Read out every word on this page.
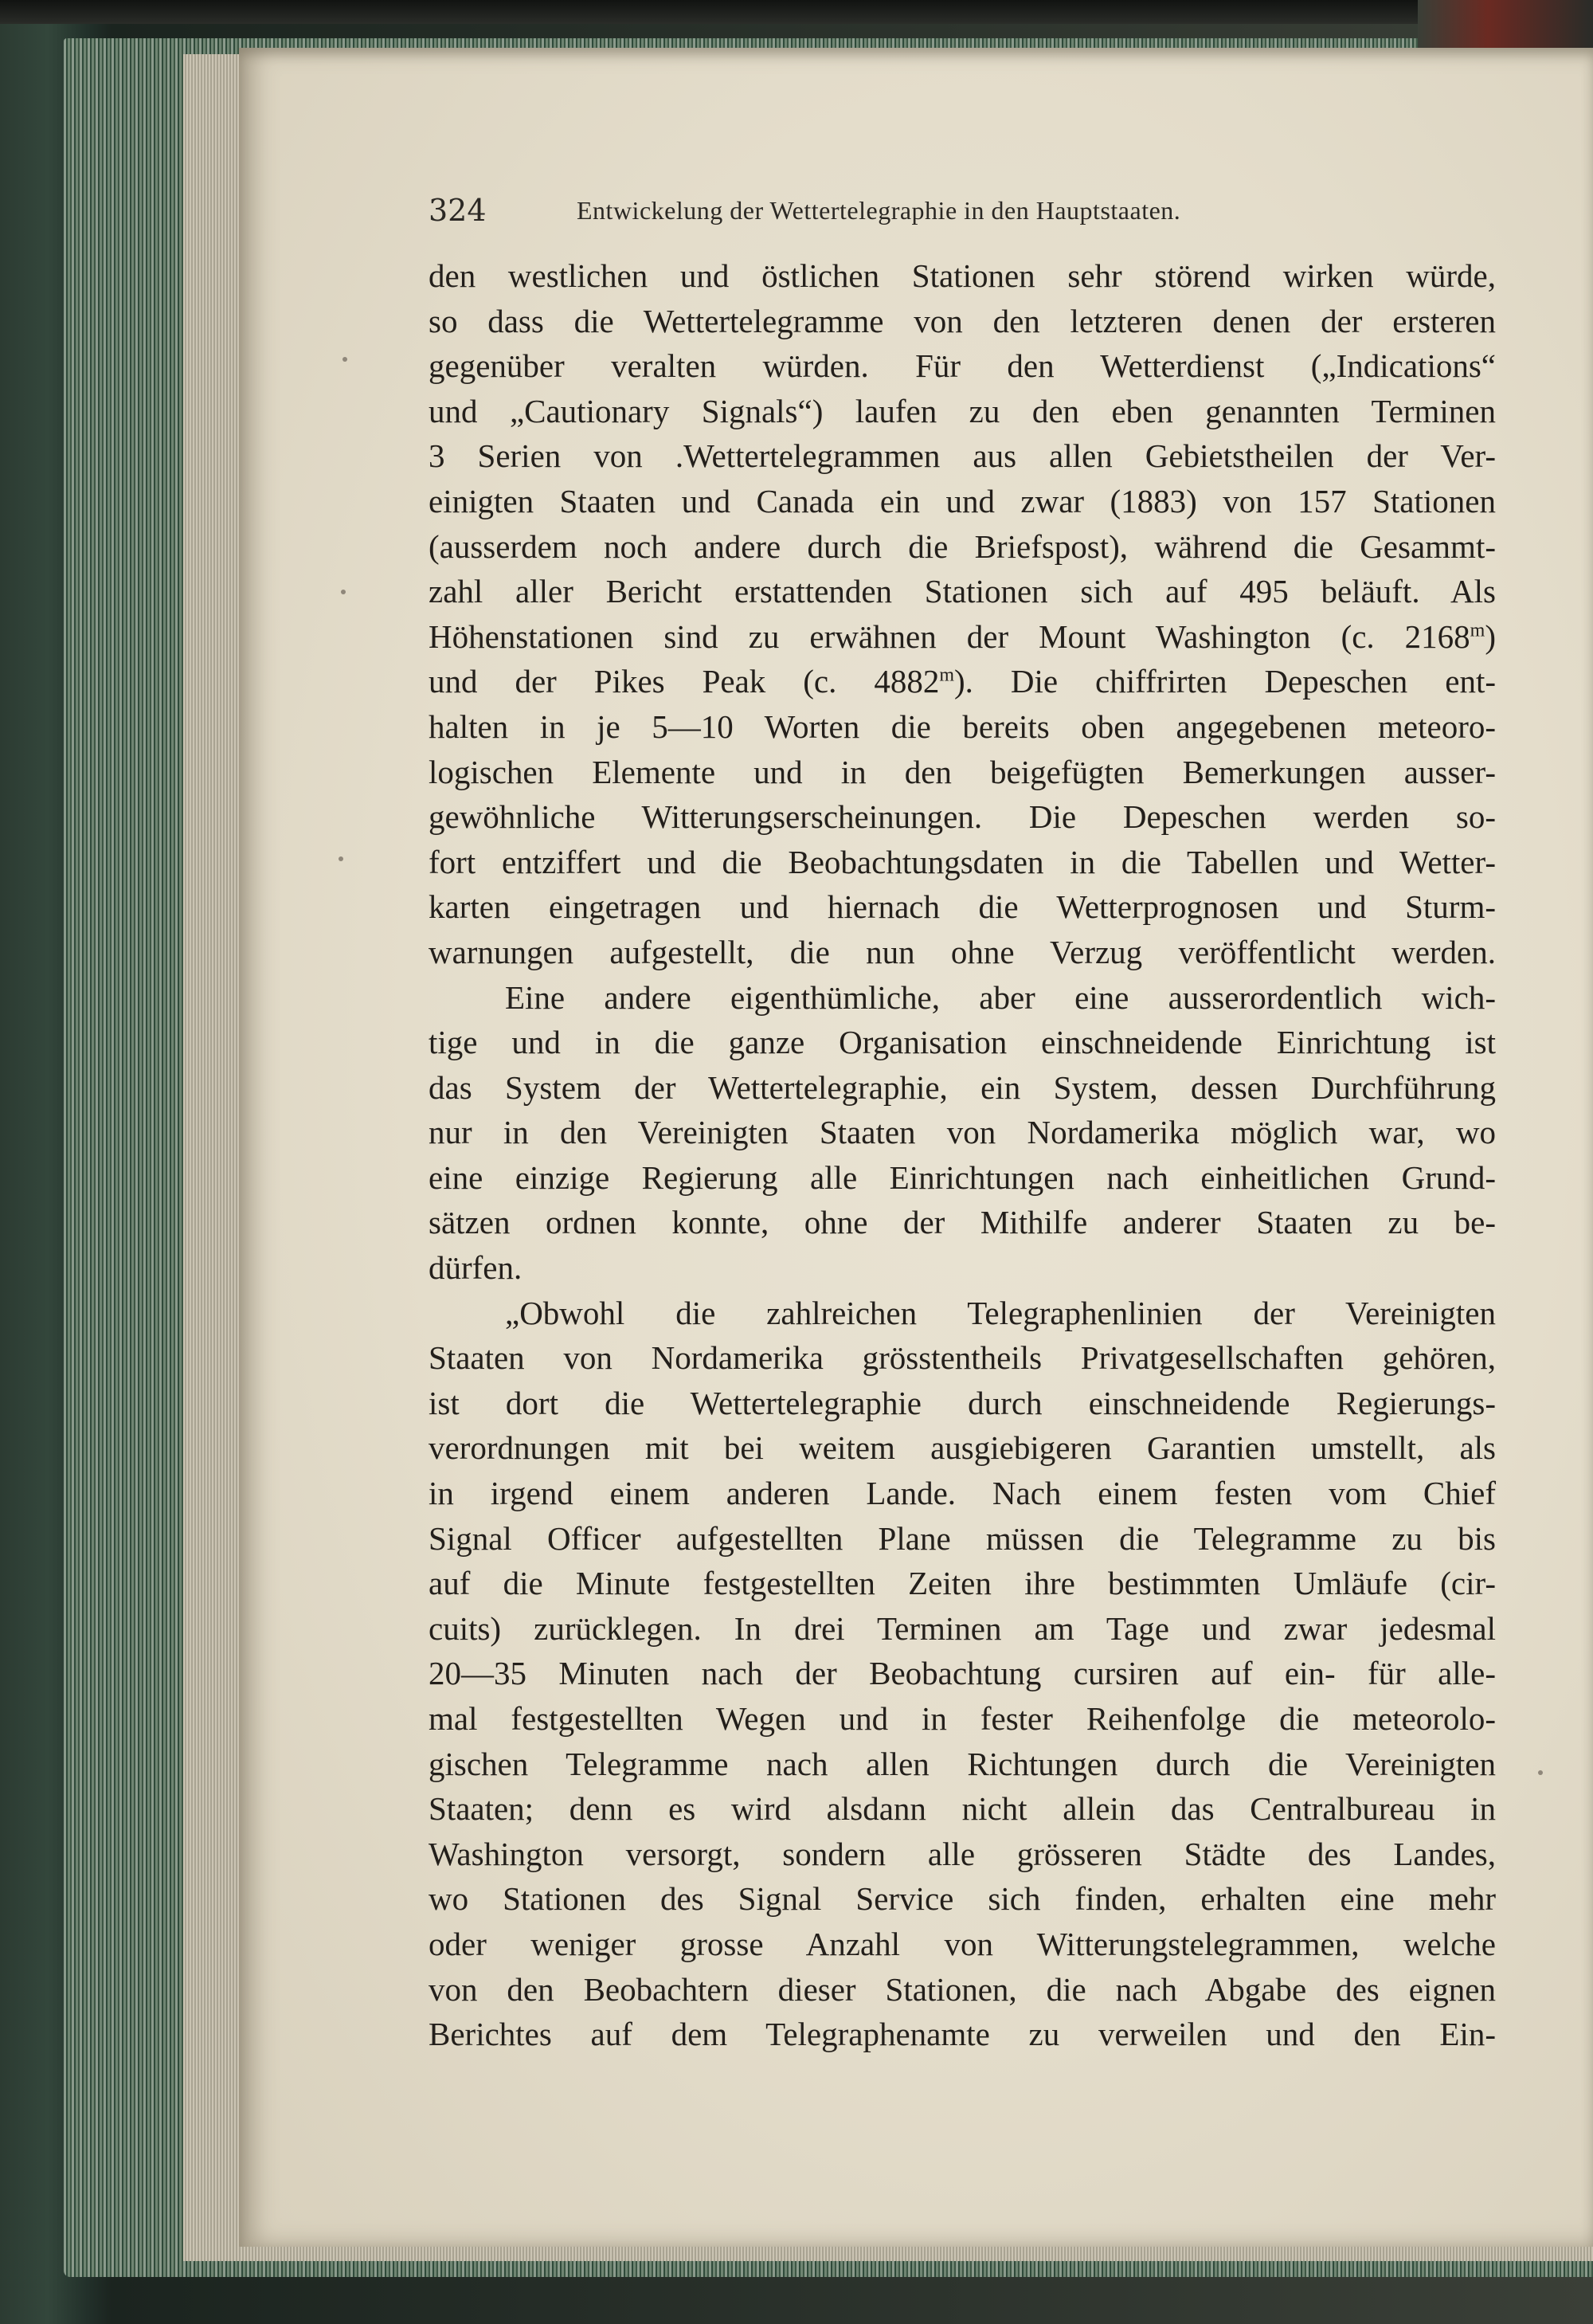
324	Entwickelung der Wettertelegraphie in den Hauptstaaten.
den westlichen und östlichen Stationen sehr störend wirken würde,
so dass die Wettertelegramme von den letzteren denen der ersteren
gegenüber veralten würden. Für den Wetterdienst („Indications“
und „Cautionary Signals“) laufen zu den eben genannten Terminen
3 Serien von .Wettertelegrammen aus allen Gebietstheilen der Ver-
einigten Staaten und Canada ein und zwar (1883) von 157 Stationen
(ausserdem noch andere durch die Briefspost), während die Gesammt-
zahl aller Bericht erstattenden Stationen sich auf 495 beläuft. Als
Höhenstationen sind zu erwähnen der Mount Washington (c. 2168$^m$)
und der Pikes Peak (c. 4882$^m$). Die chiffrirten Depeschen ent-
halten in je 5—10 Worten die bereits oben angegebenen meteoro-
logischen Elemente und in den beigefügten Bemerkungen ausser-
gewöhnliche Witterungserscheinungen. Die Depeschen werden so-
fort entziffert und die Beobachtungsdaten in die Tabellen und Wetter-
karten eingetragen und hiernach die Wetterprognosen und Sturm-
warnungen aufgestellt, die nun ohne Verzug veröffentlicht werden.
Eine andere eigenthümliche, aber eine ausserordentlich wich-
tige und in die ganze Organisation einschneidende Einrichtung ist
das System der Wettertelegraphie, ein System, dessen Durchführung
nur in den Vereinigten Staaten von Nordamerika möglich war, wo
eine einzige Regierung alle Einrichtungen nach einheitlichen Grund-
sätzen ordnen konnte, ohne der Mithilfe anderer Staaten zu be-
dürfen.
„Obwohl die zahlreichen Telegraphenlinien der Vereinigten
Staaten von Nordamerika grösstentheils Privatgesellschaften gehören,
ist dort die Wettertelegraphie durch einschneidende Regierungs-
verordnungen mit bei weitem ausgiebigeren Garantien umstellt, als
in irgend einem anderen Lande. Nach einem festen vom Chief
Signal Officer aufgestellten Plane müssen die Telegramme zu bis
auf die Minute festgestellten Zeiten ihre bestimmten Umläufe (cir-
cuits) zurücklegen. In drei Terminen am Tage und zwar jedesmal
20—35 Minuten nach der Beobachtung cursiren auf ein- für alle-
mal festgestellten Wegen und in fester Reihenfolge die meteorolo-
gischen Telegramme nach allen Richtungen durch die Vereinigten
Staaten; denn es wird alsdann nicht allein das Centralbureau in
Washington versorgt, sondern alle grösseren Städte des Landes,
wo Stationen des Signal Service sich finden, erhalten eine mehr
oder weniger grosse Anzahl von Witterungstelegrammen, welche
von den Beobachtern dieser Stationen, die nach Abgabe des eignen
Berichtes auf dem Telegraphenamte zu verweilen und den Ein-
